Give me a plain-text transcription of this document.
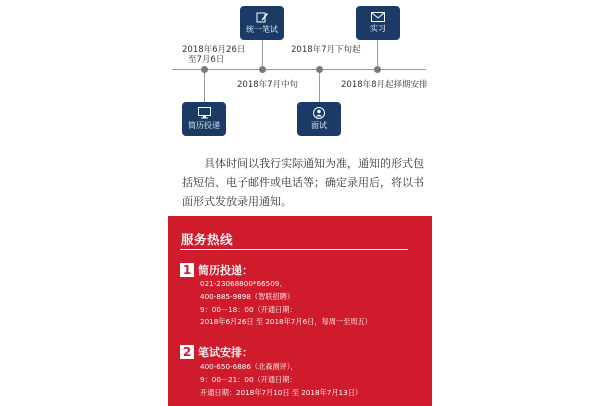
统一笔试	实习
简历投递	面试
2018年6月26日
至7月6日
2018年7月中旬
2018年7月下旬起
2018年8月起择期安排

具体时间以我行实际通知为准，通知的形式包括短信、电子邮件或电话等；确定录用后，将以书面形式发放录用通知。

服务热线
1 简历投递：
021-23068800*66509、
400-885-9898（智联招聘）
9：00－18：00（开通日期：
2018年6月26日 至 2018年7月6日，每周一至周五）
2 笔试安排：
400-650-6886（北森测评），
9：00－21：00（开通日期：
开通日期：2018年7月10日 至 2018年7月13日）
